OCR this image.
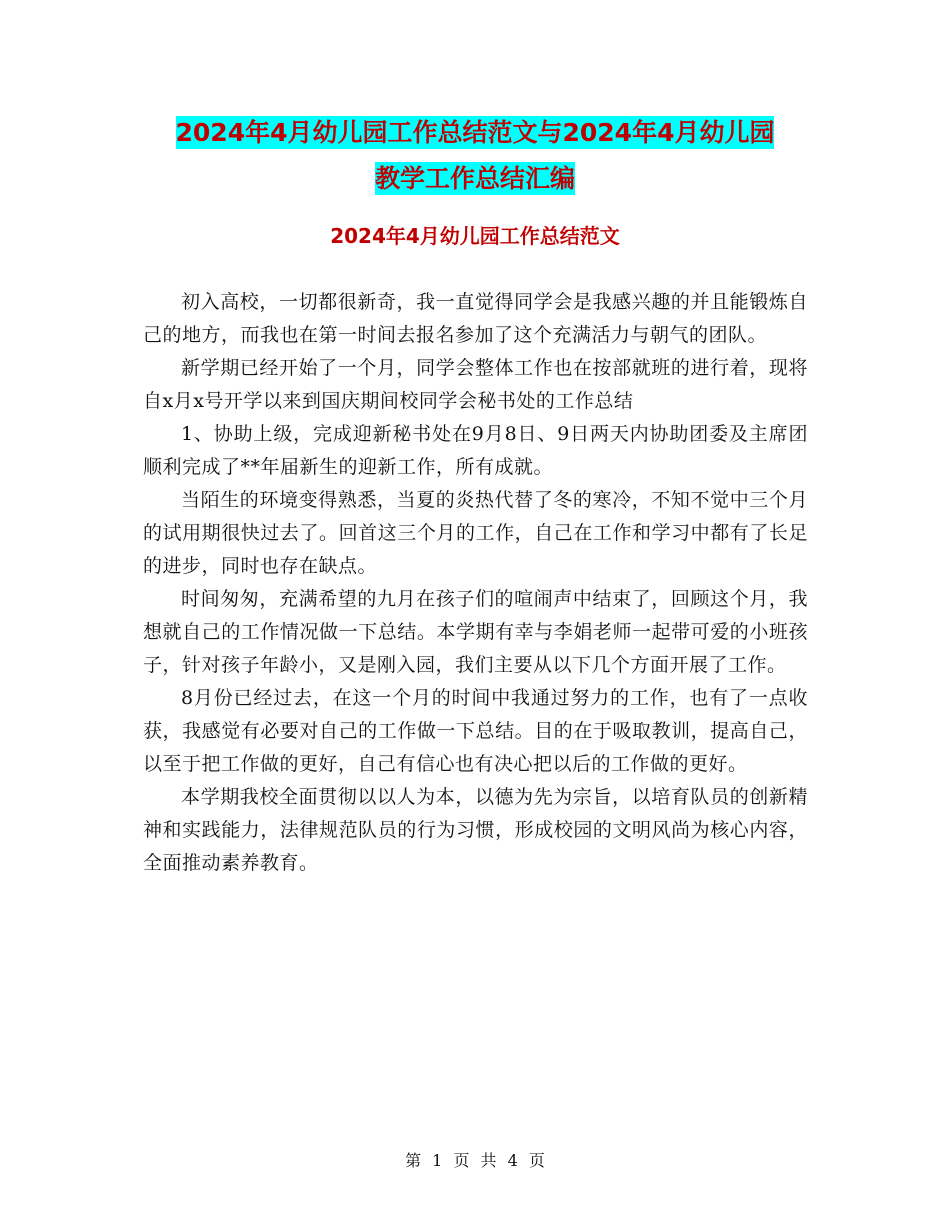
2024年4月幼儿园工作总结范文与2024年4月幼儿园
教学工作总结汇编
2024年4月幼儿园工作总结范文

初入高校，一切都很新奇，我一直觉得同学会是我感兴趣的并且能锻炼自己的地方，而我也在第一时间去报名参加了这个充满活力与朝气的团队。

新学期已经开始了一个月，同学会整体工作也在按部就班的进行着，现将自x月x号开学以来到国庆期间校同学会秘书处的工作总结

1、协助上级，完成迎新秘书处在9月8日、9日两天内协助团委及主席团顺利完成了**年届新生的迎新工作，所有成就。

当陌生的环境变得熟悉，当夏的炎热代替了冬的寒冷，不知不觉中三个月的试用期很快过去了。回首这三个月的工作，自己在工作和学习中都有了长足的进步，同时也存在缺点。

时间匆匆，充满希望的九月在孩子们的喧闹声中结束了，回顾这个月，我想就自己的工作情况做一下总结。本学期有幸与李娟老师一起带可爱的小班孩子，针对孩子年龄小，又是刚入园，我们主要从以下几个方面开展了工作。

8月份已经过去，在这一个月的时间中我通过努力的工作，也有了一点收获，我感觉有必要对自己的工作做一下总结。目的在于吸取教训，提高自己，以至于把工作做的更好，自己有信心也有决心把以后的工作做的更好。

本学期我校全面贯彻以以人为本，以德为先为宗旨，以培育队员的创新精神和实践能力，法律规范队员的行为习惯，形成校园的文明风尚为核心内容，全面推动素养教育。

第 1 页 共 4 页
